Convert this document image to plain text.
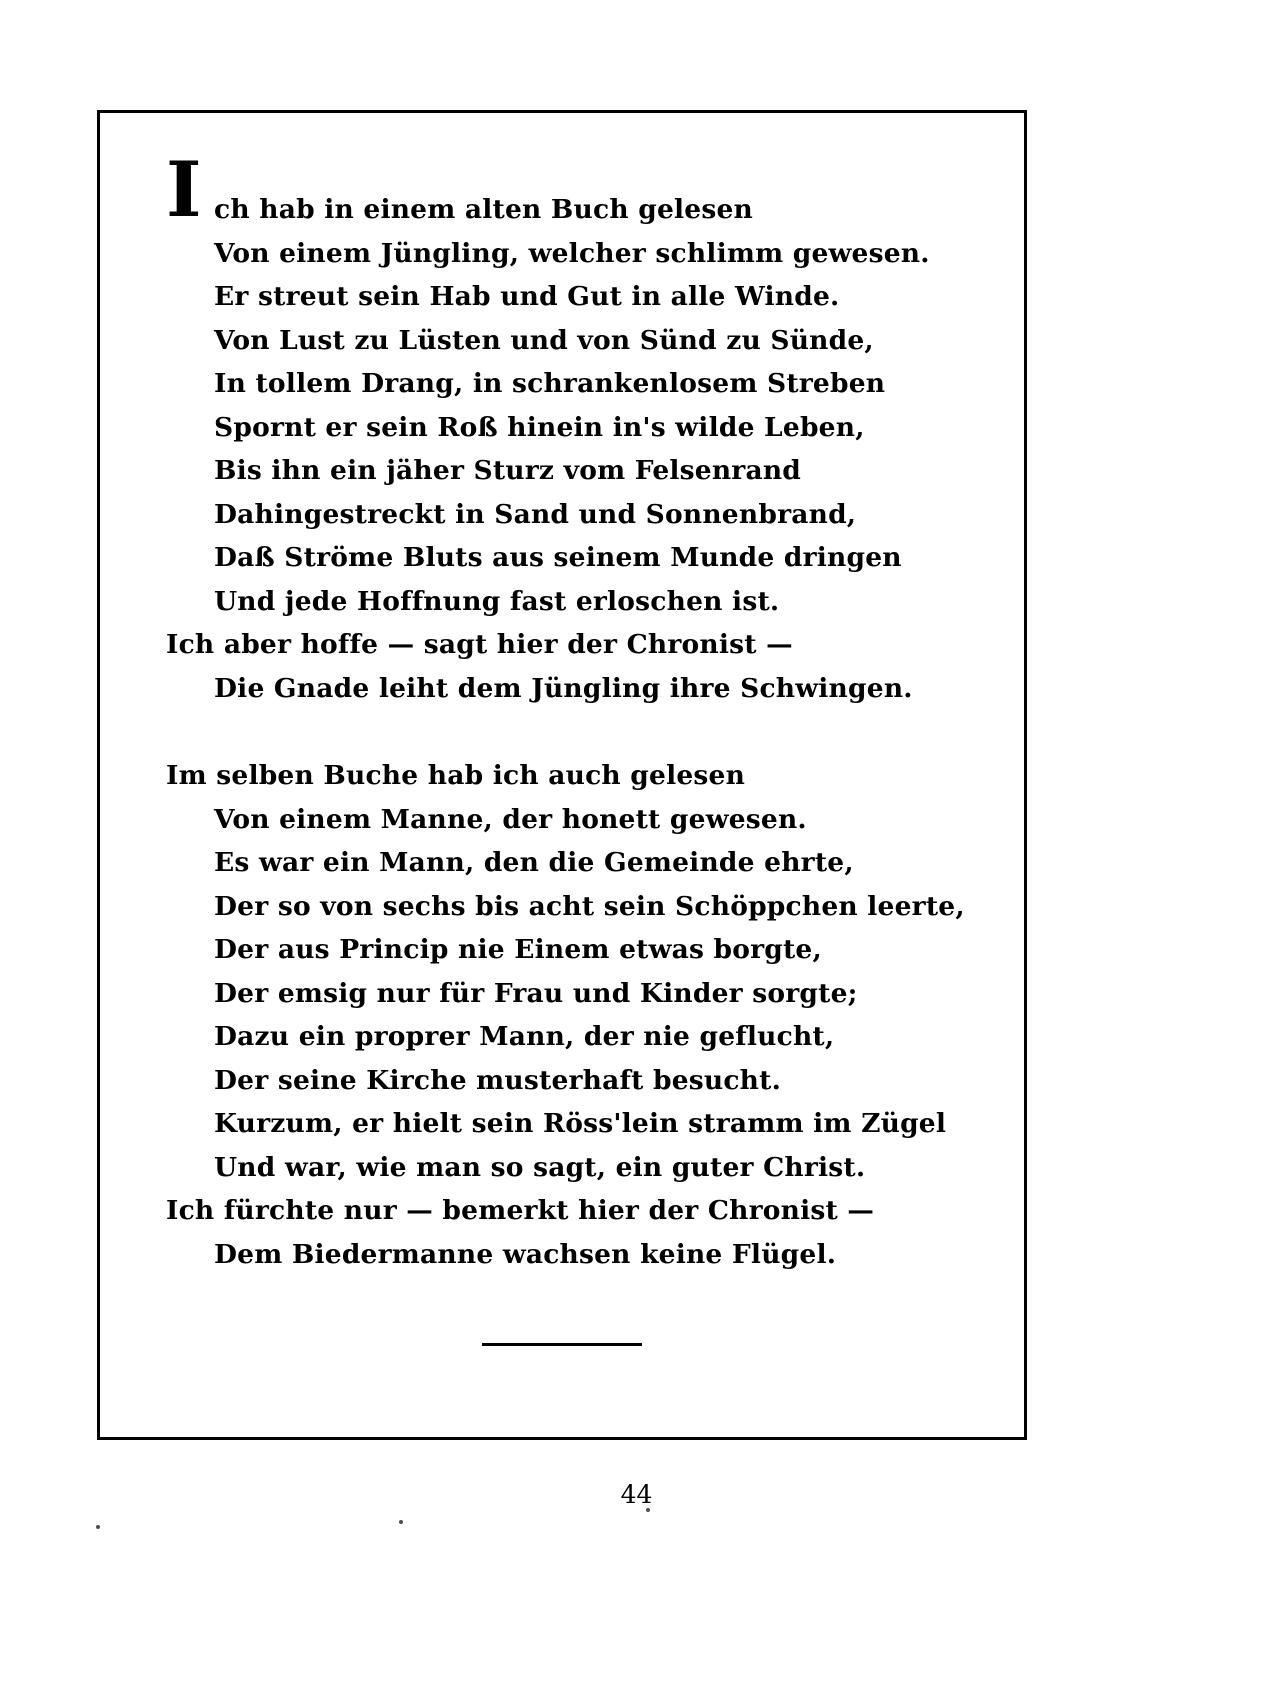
I ch hab in einem alten Buch gelesen
Von einem Jüngling, welcher schlimm gewesen.
Er streut sein Hab und Gut in alle Winde.
Von Lust zu Lüsten und von Sünd zu Sünde,
In tollem Drang, in schrankenlosem Streben
Spornt er sein Roß hinein in's wilde Leben,
Bis ihn ein jäher Sturz vom Felsenrand
Dahingestreckt in Sand und Sonnenbrand,
Daß Ströme Bluts aus seinem Munde dringen
Und jede Hoffnung fast erloschen ist.
Ich aber hoffe — sagt hier der Chronist —
Die Gnade leiht dem Jüngling ihre Schwingen.
Im selben Buche hab ich auch gelesen
Von einem Manne, der honett gewesen.
Es war ein Mann, den die Gemeinde ehrte,
Der so von sechs bis acht sein Schöppchen leerte,
Der aus Princip nie Einem etwas borgte,
Der emsig nur für Frau und Kinder sorgte;
Dazu ein proprer Mann, der nie geflucht,
Der seine Kirche musterhaft besucht.
Kurzum, er hielt sein Röss'lein stramm im Zügel
Und war, wie man so sagt, ein guter Christ.
Ich fürchte nur — bemerkt hier der Chronist —
Dem Biedermanne wachsen keine Flügel.
44
